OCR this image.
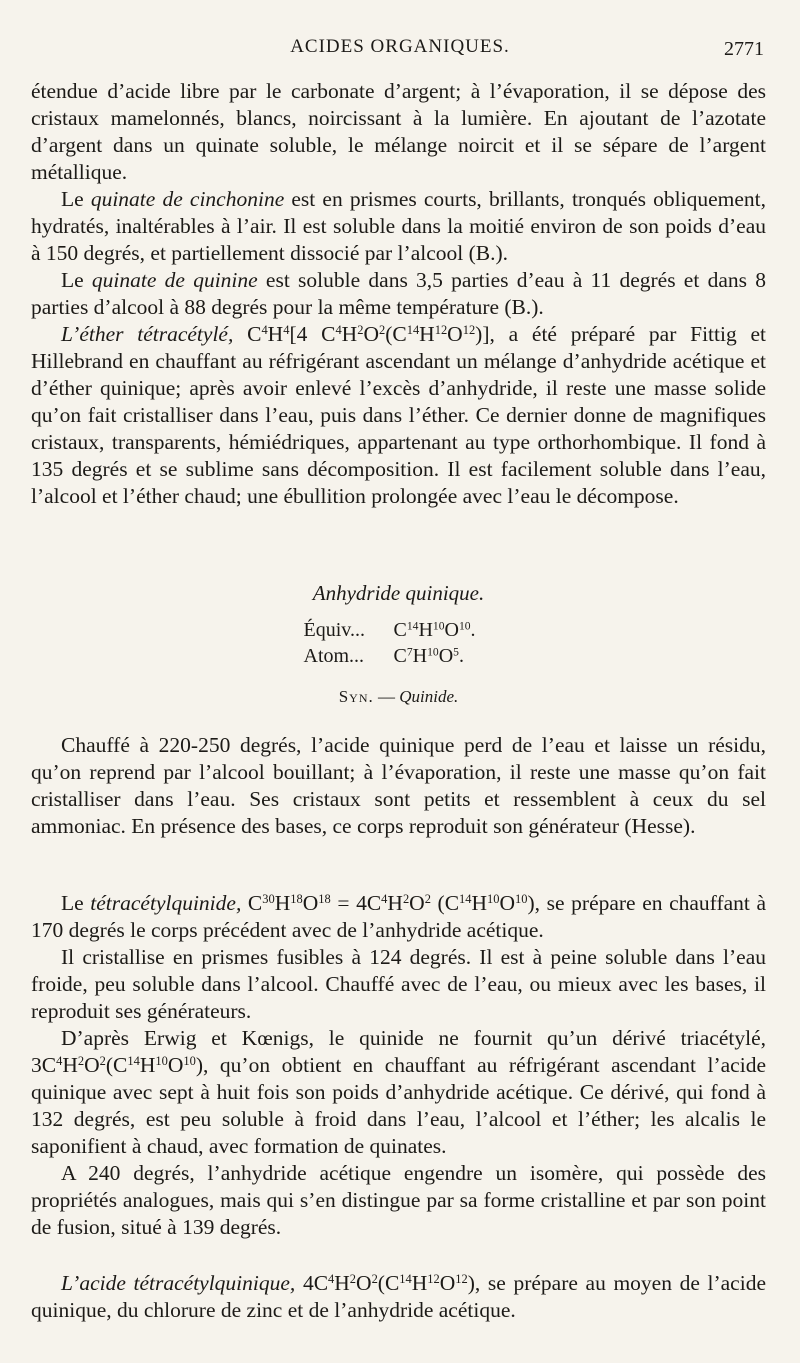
ACIDES ORGANIQUES.	2771

étendue d’acide libre par le carbonate d’argent; à l’évaporation, il se dépose des cristaux mamelonnés, blancs, noircissant à la lumière. En ajoutant de l’azotate d’argent dans un quinate soluble, le mélange noircit et il se sépare de l’argent métallique.

Le quinate de cinchonine est en prismes courts, brillants, tronqués obliquement, hydratés, inaltérables à l’air. Il est soluble dans la moitié environ de son poids d’eau à 150 degrés, et partiellement dissocié par l’alcool (B.).

Le quinate de quinine est soluble dans 3,5 parties d’eau à 11 degrés et dans 8 parties d’alcool à 88 degrés pour la même température (B.).

L’éther tétracétylé, $C^4H^4[4$ $C^4H^2O^2(C^{14}H^{12}O^{12})$], a été préparé par Fittig et Hillebrand en chauffant au réfrigérant ascendant un mélange d’anhydride acétique et d’éther quinique; après avoir enlevé l’excès d’anhydride, il reste une masse solide qu’on fait cristalliser dans l’eau, puis dans l’éther. Ce dernier donne de magnifiques cristaux, transparents, hémiédriques, appartenant au type orthorhombique. Il fond à 135 degrés et se sublime sans décomposition. Il est facilement soluble dans l’eau, l’alcool et l’éther chaud; une ébullition prolongée avec l’eau le décompose.

Anhydride quinique.
Équiv...	$C^{14}H^{10}O^{10}$.
Atom...	$C^7H^{10}O^5$.
Syn. — Quinide.

Chauffé à 220-250 degrés, l’acide quinique perd de l’eau et laisse un résidu, qu’on reprend par l’alcool bouillant; à l’évaporation, il reste une masse qu’on fait cristalliser dans l’eau. Ses cristaux sont petits et ressemblent à ceux du sel ammoniac. En présence des bases, ce corps reproduit son générateur (Hesse).

Le tétracétylquinide, $C^{30}H^{18}O^{18} = 4C^4H^2O^2$ $(C^{14}H^{10}O^{10})$, se prépare en chauffant à 170 degrés le corps précédent avec de l’anhydride acétique.

Il cristallise en prismes fusibles à 124 degrés. Il est à peine soluble dans l’eau froide, peu soluble dans l’alcool. Chauffé avec de l’eau, ou mieux avec les bases, il reproduit ses générateurs.

D’après Erwig et Kœnigs, le quinide ne fournit qu’un dérivé triacétylé, $3C^4H^2O^2(C^{14}H^{10}O^{10})$, qu’on obtient en chauffant au réfrigérant ascendant l’acide quinique avec sept à huit fois son poids d’anhydride acétique. Ce dérivé, qui fond à 132 degrés, est peu soluble à froid dans l’eau, l’alcool et l’éther; les alcalis le saponifient à chaud, avec formation de quinates.

A 240 degrés, l’anhydride acétique engendre un isomère, qui possède des propriétés analogues, mais qui s’en distingue par sa forme cristalline et par son point de fusion, situé à 139 degrés.

L’acide tétracétylquinique, $4C^4H^2O^2(C^{14}H^{12}O^{12})$, se prépare au moyen de l’acide quinique, du chlorure de zinc et de l’anhydride acétique.
